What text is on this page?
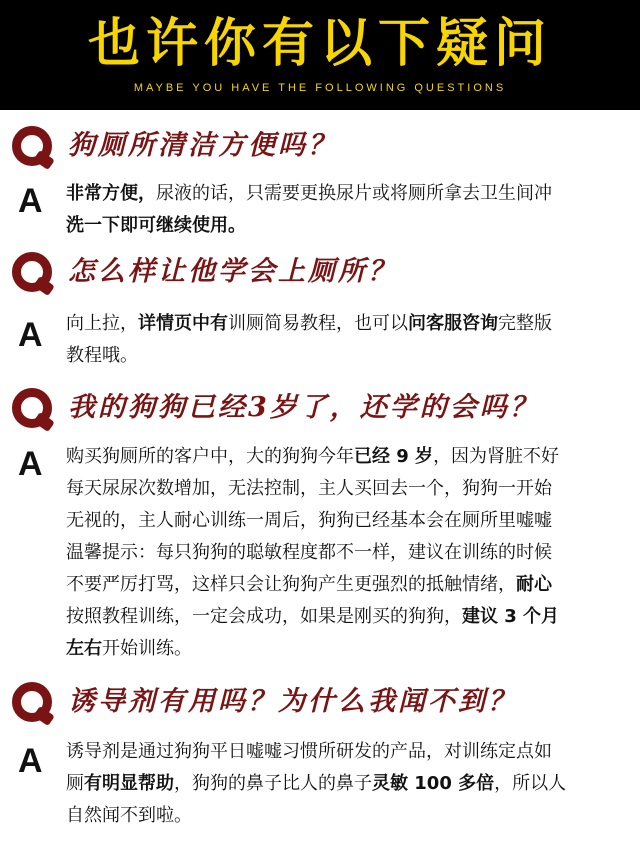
也许你有以下疑问
MAYBE YOU HAVE THE FOLLOWING QUESTIONS
狗厕所清洁方便吗？
A 非常方便，尿液的话，只需要更换尿片或将厕所拿去卫生间冲

洗一下即可继续使用。

怎么样让他学会上厕所？
A 向上拉，详情页中有训厕简易教程，也可以问客服咨询完整版

教程哦。

我的狗狗已经3岁了，还学的会吗？
A 购买狗厕所的客户中，大的狗狗今年已经 9 岁，因为肾脏不好

每天尿尿次数增加，无法控制，主人买回去一个，狗狗一开始

无视的，主人耐心训练一周后，狗狗已经基本会在厕所里嘘嘘

温馨提示：每只狗狗的聪敏程度都不一样，建议在训练的时候

不要严厉打骂，这样只会让狗狗产生更强烈的抵触情绪，耐心

按照教程训练，一定会成功，如果是刚买的狗狗，建议 3 个月

左右开始训练。

诱导剂有用吗？为什么我闻不到？
A 诱导剂是通过狗狗平日嘘嘘习惯所研发的产品，对训练定点如

厕有明显帮助，狗狗的鼻子比人的鼻子灵敏 100 多倍，所以人

自然闻不到啦。
